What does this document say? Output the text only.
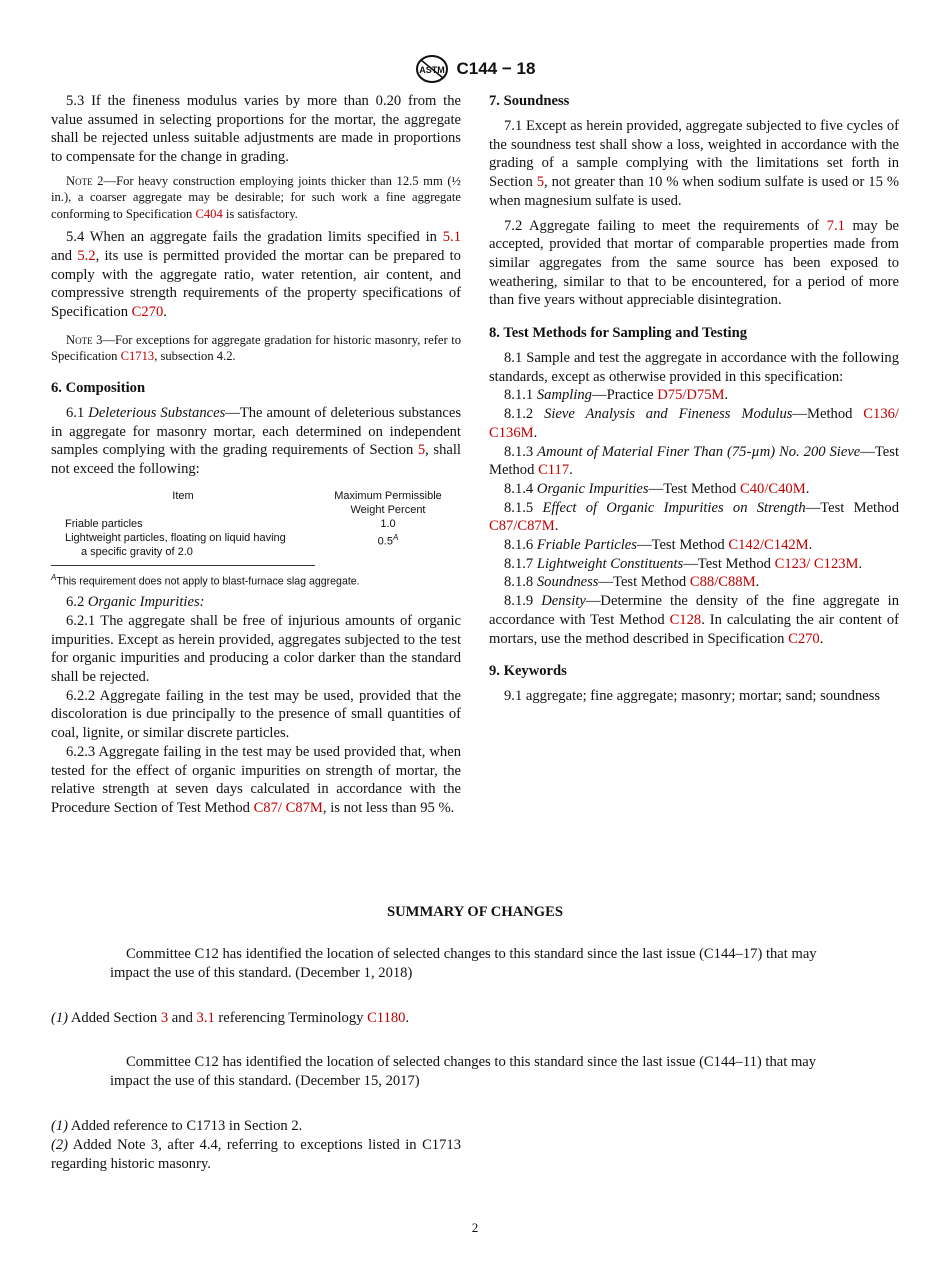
ASTM C144 − 18

5.3 If the fineness modulus varies by more than 0.20 from the value assumed in selecting proportions for the mortar, the aggregate shall be rejected unless suitable adjustments are made in proportions to compensate for the change in grading.

Note 2—For heavy construction employing joints thicker than 12.5 mm (½ in.), a coarser aggregate may be desirable; for such work a fine aggregate conforming to Specification C404 is satisfactory.

5.4 When an aggregate fails the gradation limits specified in 5.1 and 5.2, its use is permitted provided the mortar can be prepared to comply with the aggregate ratio, water retention, air content, and compressive strength requirements of the property specifications of Specification C270.

Note 3—For exceptions for aggregate gradation for historic masonry, refer to Specification C1713, subsection 4.2.

6. Composition

6.1 Deleterious Substances—The amount of deleterious substances in aggregate for masonry mortar, each determined on independent samples complying with the grading requirements of Section 5, shall not exceed the following:

Item	Maximum Permissible
Weight Percent
Friable particles	1.0
Lightweight particles, floating on liquid having
a specific gravity of 2.0	$0.5^A$
$^A$This requirement does not apply to blast-furnace slag aggregate.

6.2 Organic Impurities:

6.2.1 The aggregate shall be free of injurious amounts of organic impurities. Except as herein provided, aggregates subjected to the test for organic impurities and producing a color darker than the standard shall be rejected.

6.2.2 Aggregate failing in the test may be used, provided that the discoloration is due principally to the presence of small quantities of coal, lignite, or similar discrete particles.

6.2.3 Aggregate failing in the test may be used provided that, when tested for the effect of organic impurities on strength of mortar, the relative strength at seven days calculated in accordance with the Procedure Section of Test Method C87/ C87M, is not less than 95 %.

7. Soundness

7.1 Except as herein provided, aggregate subjected to five cycles of the soundness test shall show a loss, weighted in accordance with the grading of a sample complying with the limitations set forth in Section 5, not greater than 10 % when sodium sulfate is used or 15 % when magnesium sulfate is used.

7.2 Aggregate failing to meet the requirements of 7.1 may be accepted, provided that mortar of comparable properties made from similar aggregates from the same source has been exposed to weathering, similar to that to be encountered, for a period of more than five years without appreciable disintegration.

8. Test Methods for Sampling and Testing

8.1 Sample and test the aggregate in accordance with the following standards, except as otherwise provided in this specification:

8.1.1 Sampling—Practice D75/D75M.

8.1.2 Sieve Analysis and Fineness Modulus—Method C136/ C136M.

8.1.3 Amount of Material Finer Than (75-µm) No. 200 Sieve—Test Method C117.

8.1.4 Organic Impurities—Test Method C40/C40M.

8.1.5 Effect of Organic Impurities on Strength—Test Method C87/C87M.

8.1.6 Friable Particles—Test Method C142/C142M.

8.1.7 Lightweight Constituents—Test Method C123/ C123M.

8.1.8 Soundness—Test Method C88/C88M.

8.1.9 Density—Determine the density of the fine aggregate in accordance with Test Method C128. In calculating the air content of mortars, use the method described in Specification C270.

9. Keywords

9.1 aggregate; fine aggregate; masonry; mortar; sand; soundness

SUMMARY OF CHANGES
Committee C12 has identified the location of selected changes to this standard since the last issue (C144–17) that may impact the use of this standard. (December 1, 2018)
(1) Added Section 3 and 3.1 referencing Terminology C1180.
Committee C12 has identified the location of selected changes to this standard since the last issue (C144–11) that may impact the use of this standard. (December 15, 2017)
(1) Added reference to C1713 in Section 2.
(2) Added Note 3, after 4.4, referring to exceptions listed in C1713 regarding historic masonry.
2
